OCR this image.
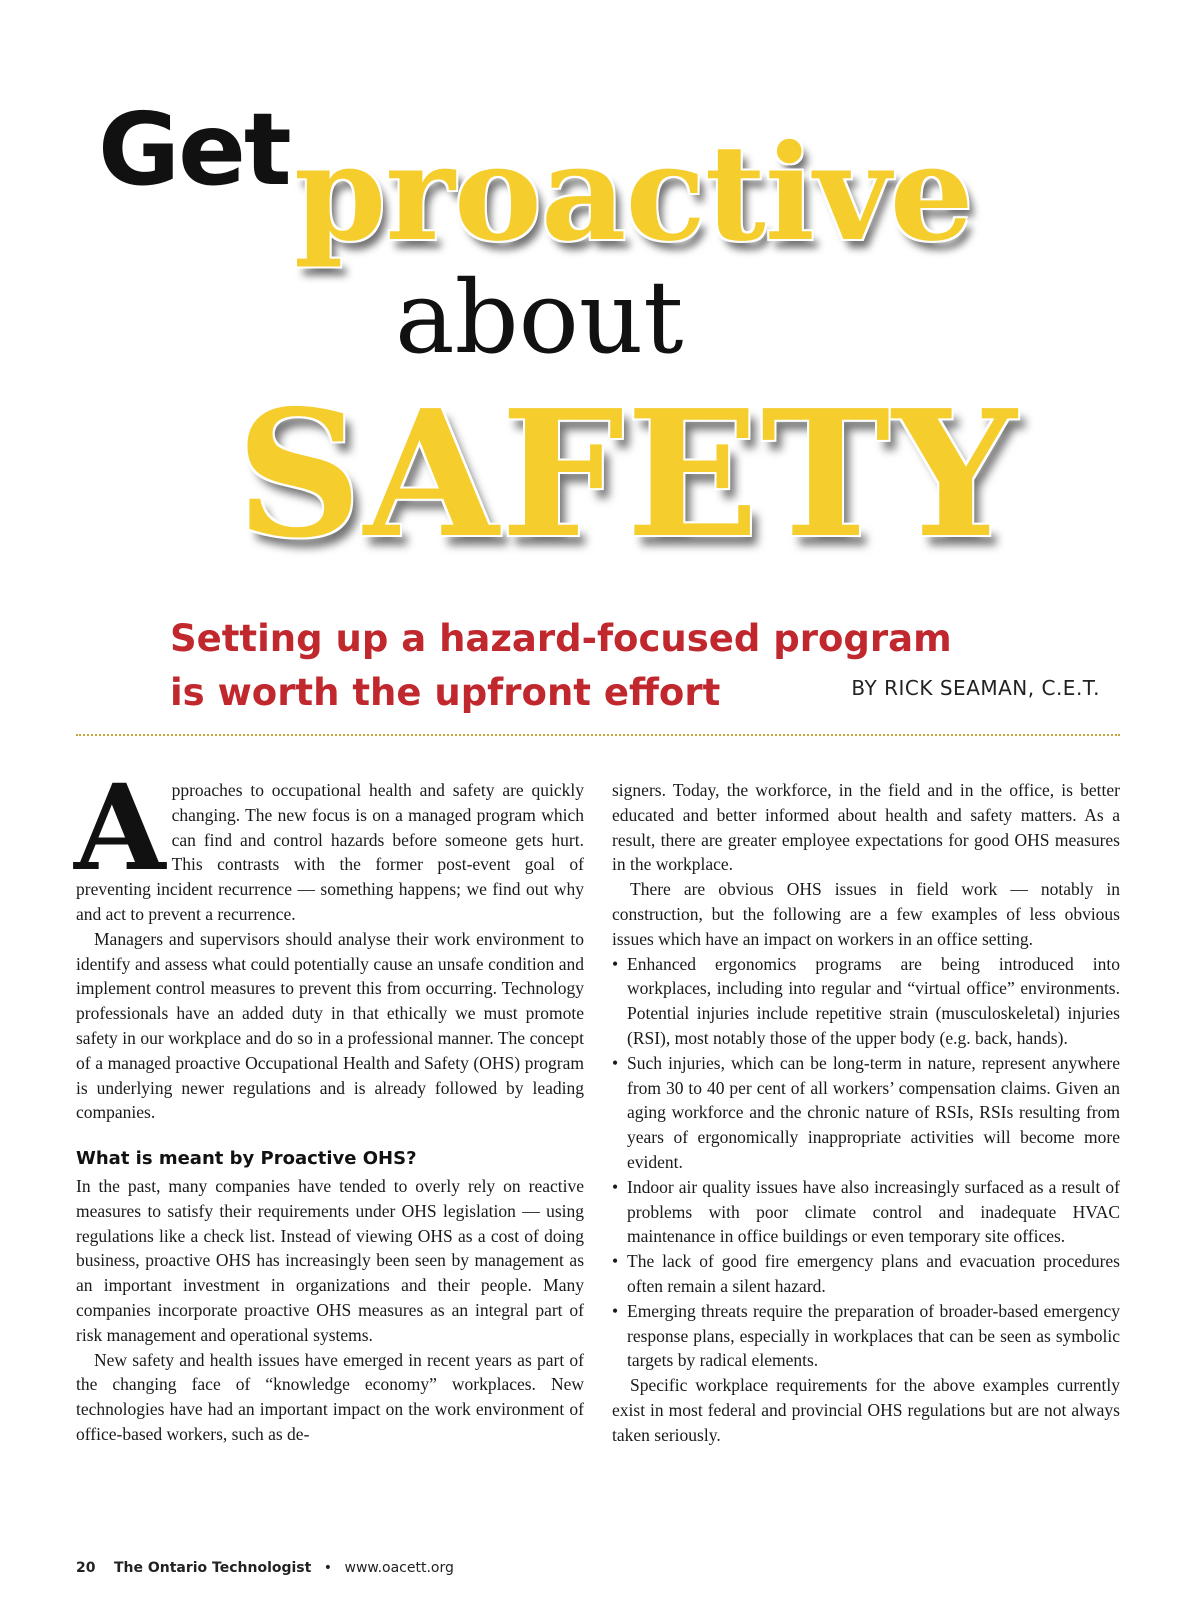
Get proactive
about
SAFETY
Setting up a hazard-focused program
is worth the upfront effort	BY RICK SEAMAN, C.E.T.

Approaches to occupational health and safety are quickly changing. The new focus is on a managed program which can find and control hazards before someone gets hurt. This contrasts with the former post-event goal of preventing incident recurrence — something happens; we find out why and act to prevent a recurrence.

Managers and supervisors should analyse their work environment to identify and assess what could potentially cause an unsafe condition and implement control measures to prevent this from occurring. Technology professionals have an added duty in that ethically we must promote safety in our workplace and do so in a professional manner. The concept of a managed proactive Occupational Health and Safety (OHS) program is underlying newer regulations and is already followed by leading companies.

What is meant by Proactive OHS?

In the past, many companies have tended to overly rely on reactive measures to satisfy their requirements under OHS legislation — using regulations like a check list. Instead of viewing OHS as a cost of doing business, proactive OHS has increasingly been seen by management as an important investment in organizations and their people. Many companies incorporate proactive OHS measures as an integral part of risk management and operational systems.

New safety and health issues have emerged in recent years as part of the changing face of “knowledge economy” workplaces. New technologies have had an important impact on the work environment of office-based workers, such as de-

signers. Today, the workforce, in the field and in the office, is better educated and better informed about health and safety matters. As a result, there are greater employee expectations for good OHS measures in the workplace.

There are obvious OHS issues in field work — notably in construction, but the following are a few examples of less obvious issues which have an impact on workers in an office setting.

• Enhanced ergonomics programs are being introduced into workplaces, including into regular and “virtual office” environments. Potential injuries include repetitive strain (musculoskeletal) injuries (RSI), most notably those of the upper body (e.g. back, hands).
• Such injuries, which can be long-term in nature, represent anywhere from 30 to 40 per cent of all workers’ compensation claims. Given an aging workforce and the chronic nature of RSIs, RSIs resulting from years of ergonomically inappropriate activities will become more evident.
• Indoor air quality issues have also increasingly surfaced as a result of problems with poor climate control and inadequate HVAC maintenance in office buildings or even temporary site offices.
• The lack of good fire emergency plans and evacuation procedures often remain a silent hazard.
• Emerging threats require the preparation of broader-based emergency response plans, especially in workplaces that can be seen as symbolic targets by radical elements.

Specific workplace requirements for the above examples currently exist in most federal and provincial OHS regulations but are not always taken seriously.

20 The Ontario Technologist • www.oacett.org
